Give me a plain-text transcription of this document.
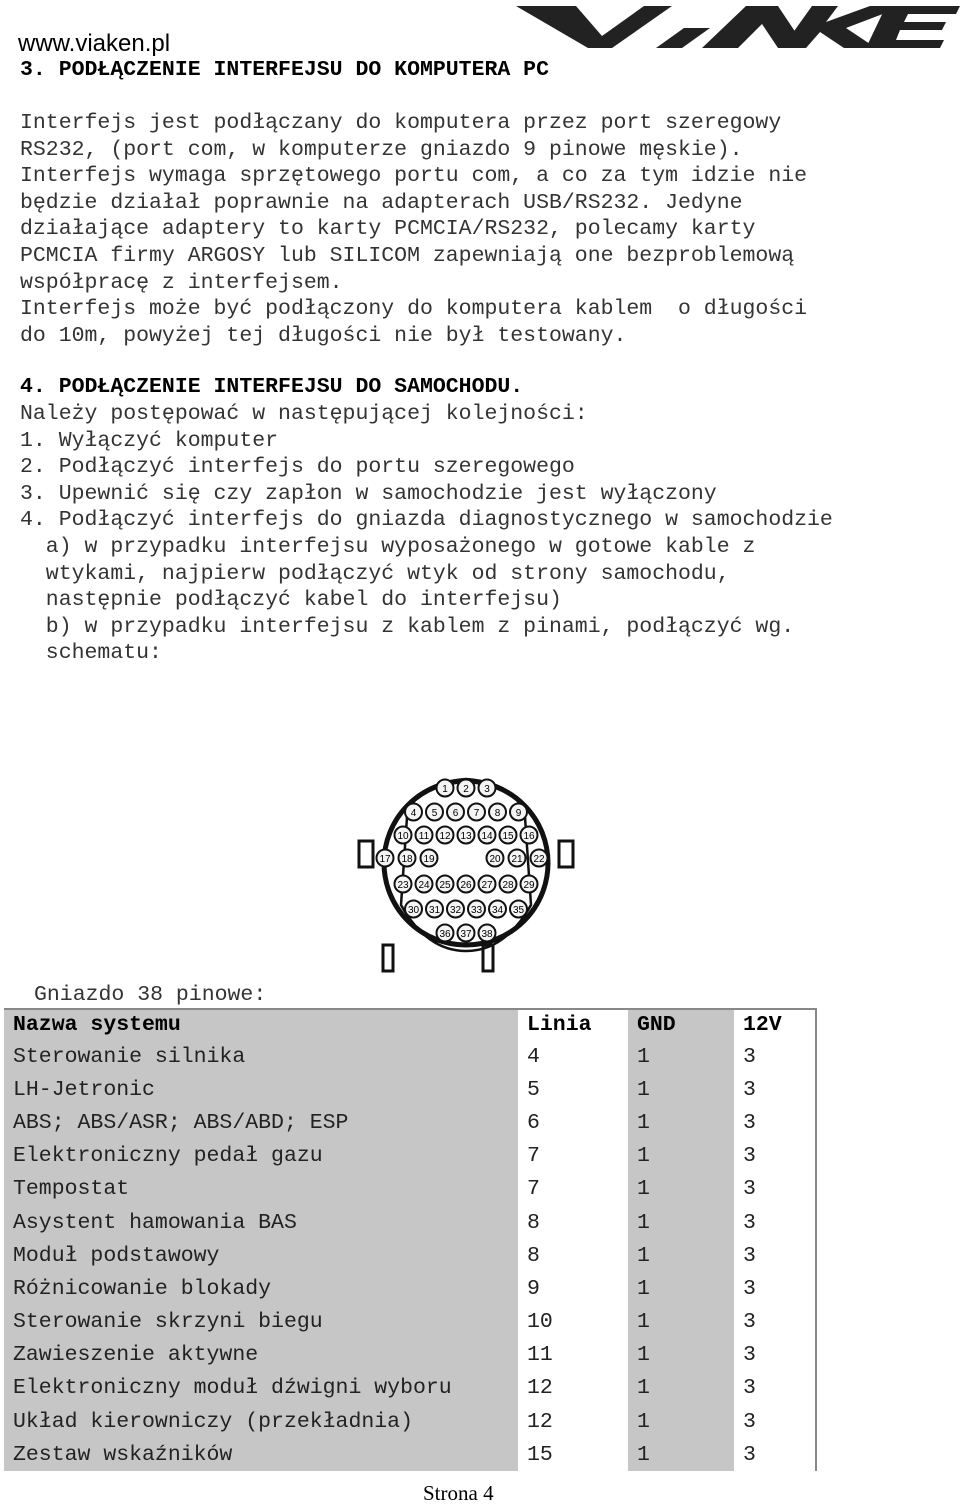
www.viaken.pl
3. PODŁĄCZENIE INTERFEJSU DO KOMPUTERA PC
Interfejs jest podłączany do komputera przez port szeregowy
RS232, (port com, w komputerze gniazdo 9 pinowe męskie).
Interfejs wymaga sprzętowego portu com, a co za tym idzie nie
będzie działał poprawnie na adapterach USB/RS232. Jedyne
działające adaptery to karty PCMCIA/RS232, polecamy karty
PCMCIA firmy ARGOSY lub SILICOM zapewniają one bezproblemową
współpracę z interfejsem.
Interfejs może być podłączony do komputera kablem  o długości
do 10m, powyżej tej długości nie był testowany.
4. PODŁĄCZENIE INTERFEJSU DO SAMOCHODU.
Należy postępować w następującej kolejności:
1. Wyłączyć komputer
2. Podłączyć interfejs do portu szeregowego
3. Upewnić się czy zapłon w samochodzie jest wyłączony
4. Podłączyć interfejs do gniazda diagnostycznego w samochodzie
a) w przypadku interfejsu wyposażonego w gotowe kable z
wtykami, najpierw podłączyć wtyk od strony samochodu,
następnie podłączyć kabel do interfejsu)
b) w przypadku interfejsu z kablem z pinami, podłączyć wg.
schematu:
1 2 3
4 5 6 7 8 9
10 11 12 13 14 15 16
17 18 19	20 21 22
23 24 25 26 27 28 29
30 31 32 33 34 35
36 37 38
Gniazdo 38 pinowe:
Nazwa systemu	Linia	GND	12V
Sterowanie silnika	4	1	3
LH-Jetronic	5	1	3
ABS; ABS/ASR; ABS/ABD; ESP	6	1	3
Elektroniczny pedał gazu	7	1	3
Tempostat	7	1	3
Asystent hamowania BAS	8	1	3
Moduł podstawowy	8	1	3
Różnicowanie blokady	9	1	3
Sterowanie skrzyni biegu	10	1	3
Zawieszenie aktywne	11	1	3
Elektroniczny moduł dźwigni wyboru	12	1	3
Układ kierowniczy (przekładnia)	12	1	3
Zestaw wskaźników	15	1	3
Strona 4
